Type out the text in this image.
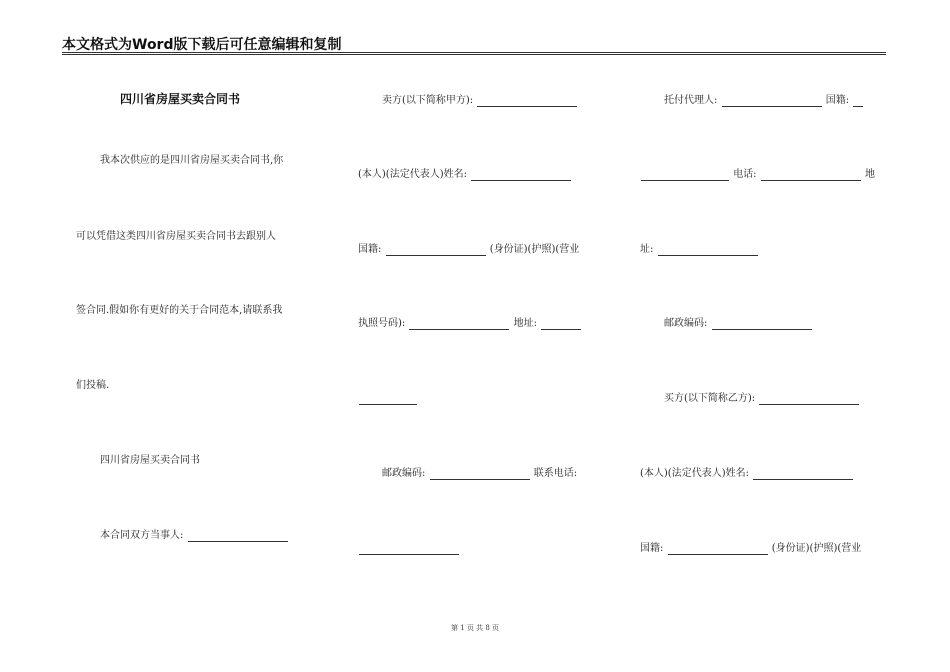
本文格式为Word版下载后可任意编辑和复制
四川省房屋买卖合同书
我本次供应的是四川省房屋买卖合同书,你
可以凭借这类四川省房屋买卖合同书去跟别人
签合同.假如你有更好的关于合同范本,请联系我
们投稿.
四川省房屋买卖合同书
本合同双方当事人:
卖方(以下简称甲方):
(本人)(法定代表人)姓名:
国籍:	(身份证)(护照)(营业
执照号码):	地址:
邮政编码:	联系电话:
托付代理人:	国籍:
电话:	地
址:
邮政编码:
买方(以下简称乙方):
(本人)(法定代表人)姓名:
国籍:	(身份证)(护照)(营业
第 1 页 共 8 页
